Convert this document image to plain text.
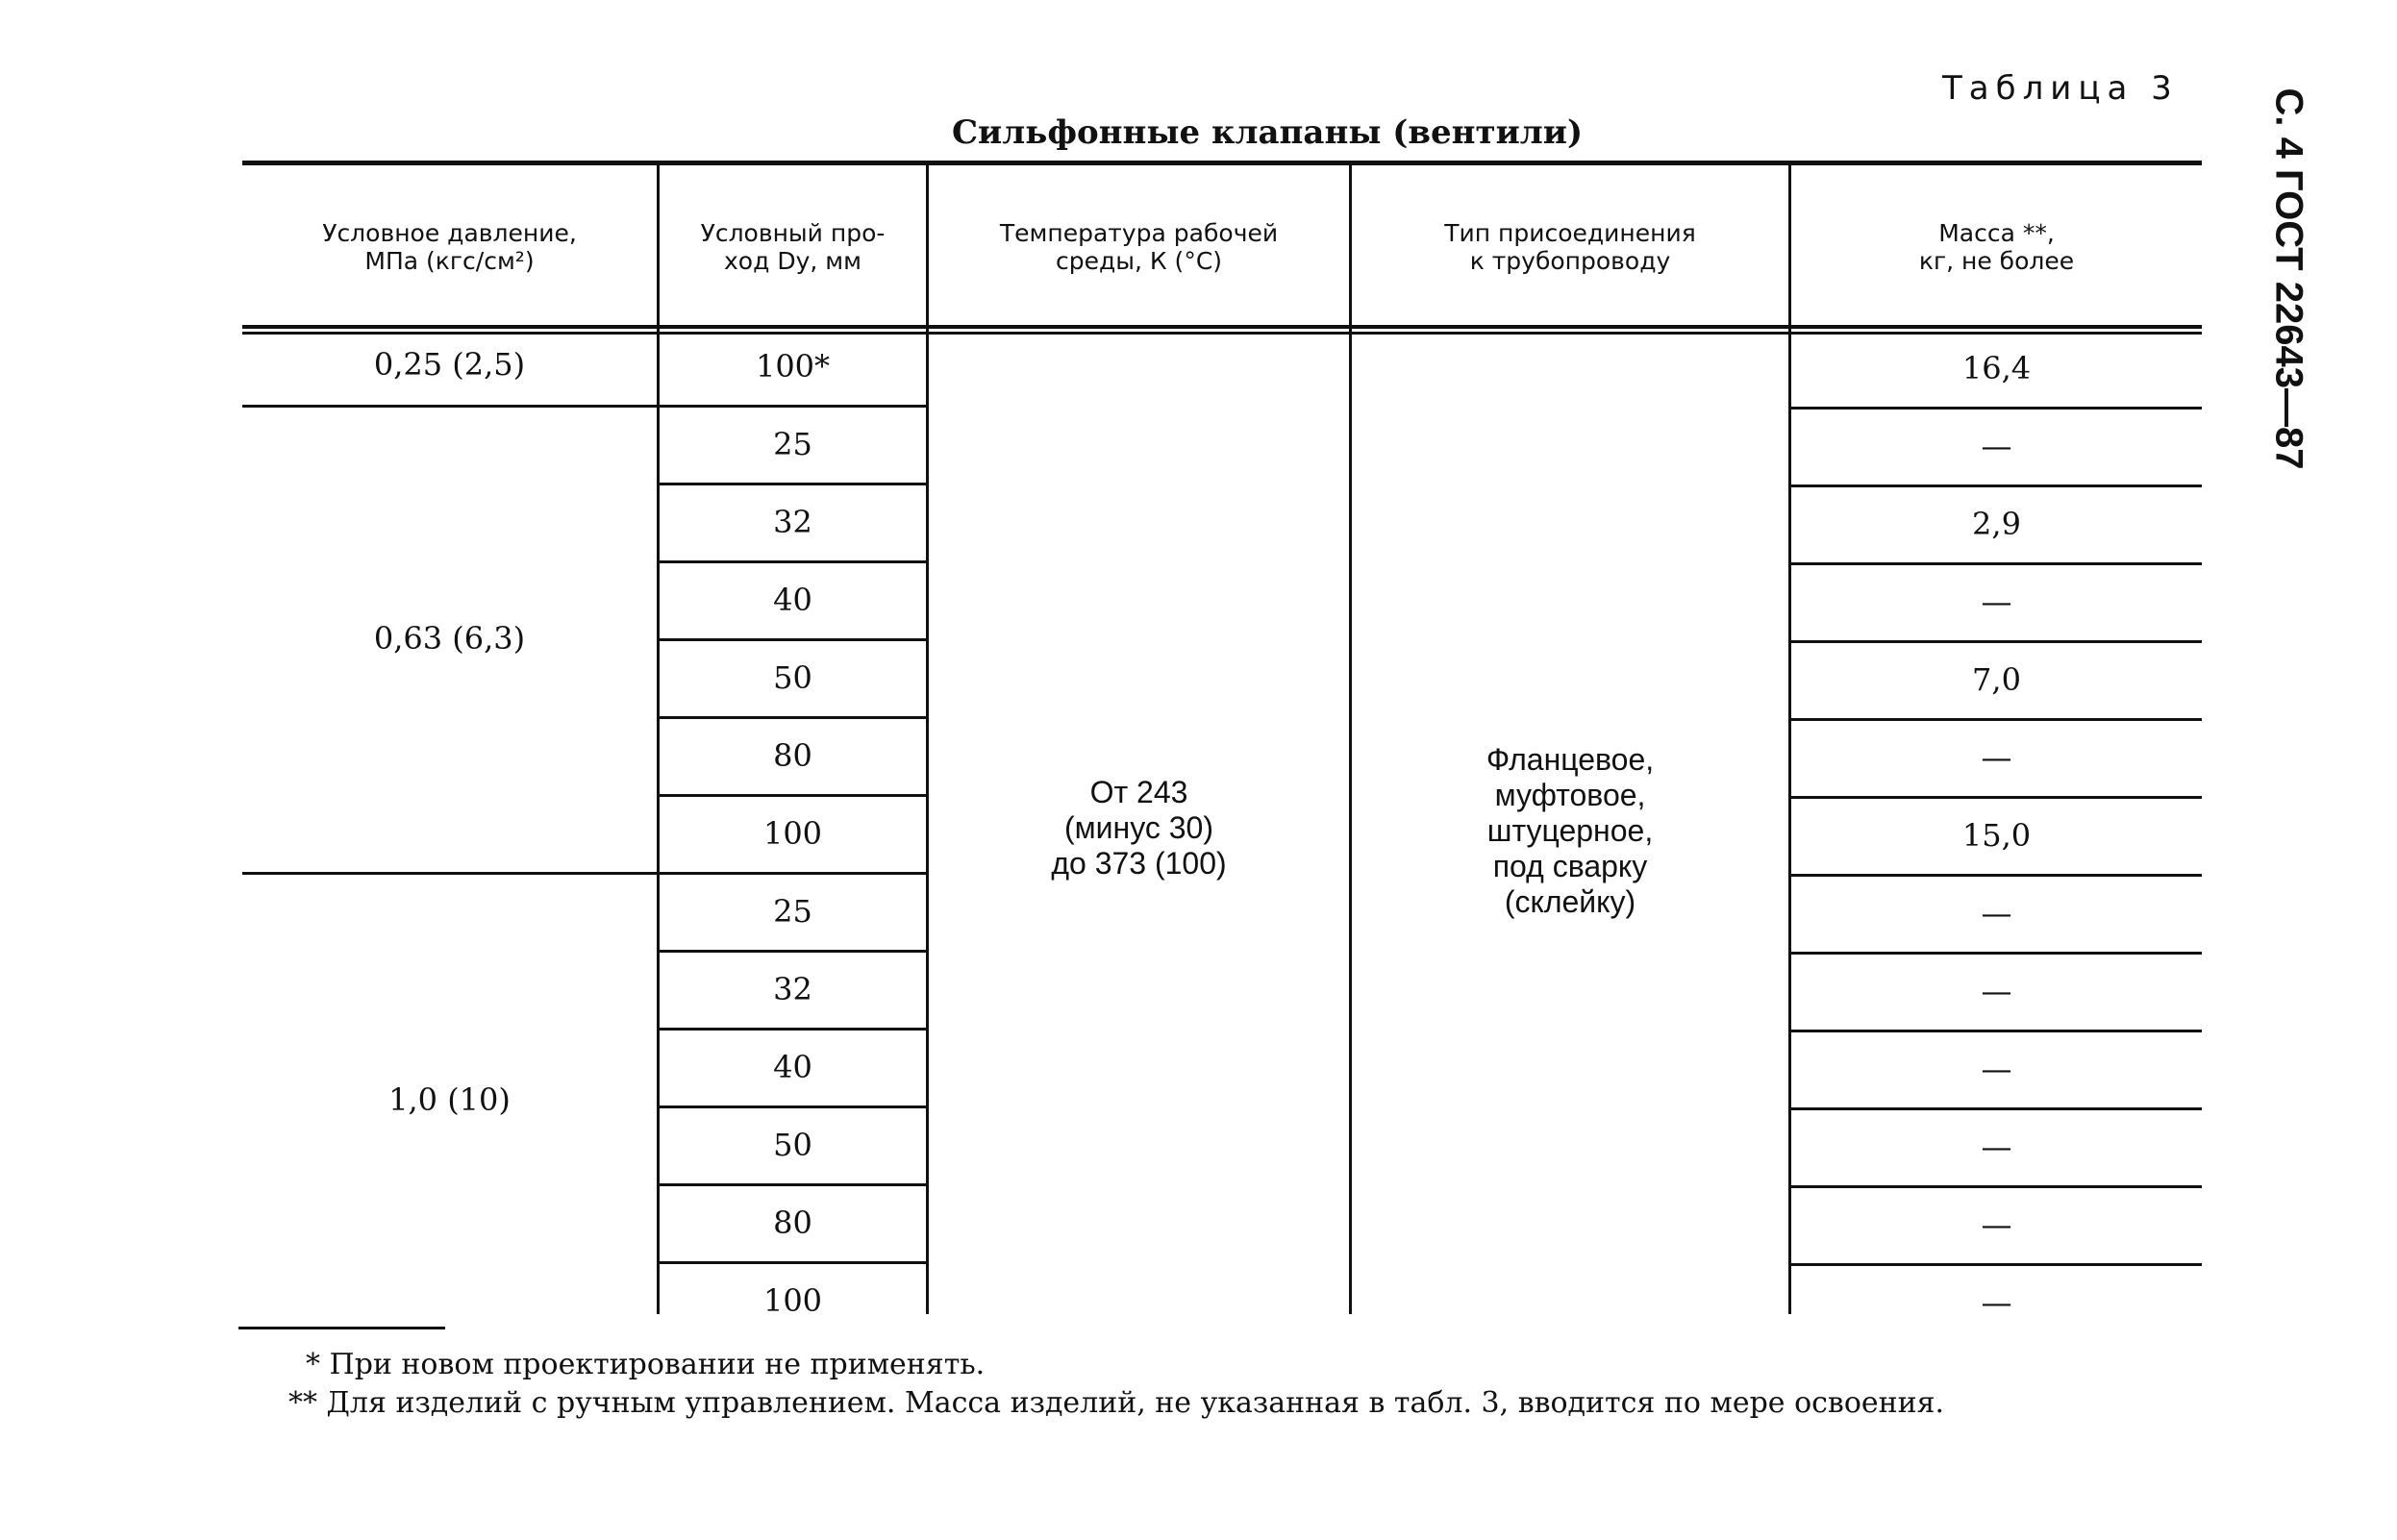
С. 4 ГОСТ 22643—87
Таблица 3
Сильфонные клапаны (вентили)
Условное давление,
МПа (кгс/см²)
Условный про-
ход Dу, мм
Температура рабочей
среды, К (°С)
Тип присоединения
к трубопроводу
Масса **,
кг, не более
0,25 (2,5)
0,63 (6,3)
1,0 (10)
100*
25
32
40
50
80
100
25
32
40
50
80
100
16,4
—
2,9
—
7,0
—
15,0
—
—
—
—
—
—
От 243
(минус 30)
до 373 (100)
Фланцевое,
муфтовое,
штуцерное,
под сварку
(склейку)
* При новом проектировании не применять.
** Для изделий с ручным управлением. Масса изделий, не указанная в табл. 3, вводится по мере освоения.
